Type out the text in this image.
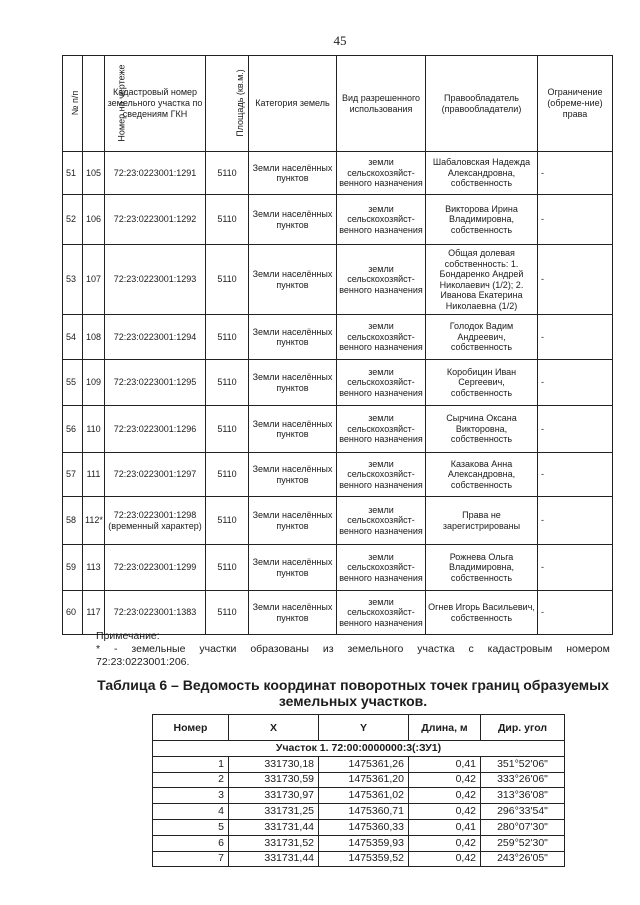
45
№ п/п	Номер на чертеже	Кадастровый номер земельного участка по сведениям ГКН	Площадь (кв.м.)	Категория земель	Вид разрешенного использования	Правообладатель (правообладатели)	Ограничение (обреме-ние) права
51	105	72:23:0223001:1291	5110	Земли населённых пунктов	земли сельскохозяйст-венного назначения	Шабаловская Надежда Александровна, собственность	-
52	106	72:23:0223001:1292	5110	Земли населённых пунктов	земли сельскохозяйст-венного назначения	Викторова Ирина Владимировна, собственность	-
53	107	72:23:0223001:1293	5110	Земли населённых пунктов	земли сельскохозяйст-венного назначения	Общая долевая собственность: 1. Бондаренко Андрей Николаевич (1/2); 2. Иванова Екатерина Николаевна (1/2)	-
54	108	72:23:0223001:1294	5110	Земли населённых пунктов	земли сельскохозяйст-венного назначения	Голодок Вадим Андреевич, собственность	-
55	109	72:23:0223001:1295	5110	Земли населённых пунктов	земли сельскохозяйст-венного назначения	Коробицин Иван Сергеевич, собственность	-
56	110	72:23:0223001:1296	5110	Земли населённых пунктов	земли сельскохозяйст-венного назначения	Сырчина Оксана Викторовна, собственность	-
57	111	72:23:0223001:1297	5110	Земли населённых пунктов	земли сельскохозяйст-венного назначения	Казакова Анна Александровна, собственность	-
58	112*	72:23:0223001:1298 (временный характер)	5110	Земли населённых пунктов	земли сельскохозяйст-венного назначения	Права не зарегистрированы	-
59	113	72:23:0223001:1299	5110	Земли населённых пунктов	земли сельскохозяйст-венного назначения	Рожнева Ольга Владимировна, собственность	-
60	117	72:23:0223001:1383	5110	Земли населённых пунктов	земли сельскохозяйст-венного назначения	Огнев Игорь Васильевич, собственность	-
Примечание:
* - земельные участки образованы из земельного участка с кадастровым номером
72:23:0223001:206.
Таблица 6 – Ведомость координат поворотных точек границ образуемых земельных участков.
Номер	X	Y	Длина, м	Дир. угол
Участок 1. 72:00:0000000:3(:ЗУ1)				
1	331730,18	1475361,26	0,41	351°52'06"
2	331730,59	1475361,20	0,42	333°26'06"
3	331730,97	1475361,02	0,42	313°36'08"
4	331731,25	1475360,71	0,42	296°33'54"
5	331731,44	1475360,33	0,41	280°07'30"
6	331731,52	1475359,93	0,42	259°52'30"
7	331731,44	1475359,52	0,42	243°26'05"
